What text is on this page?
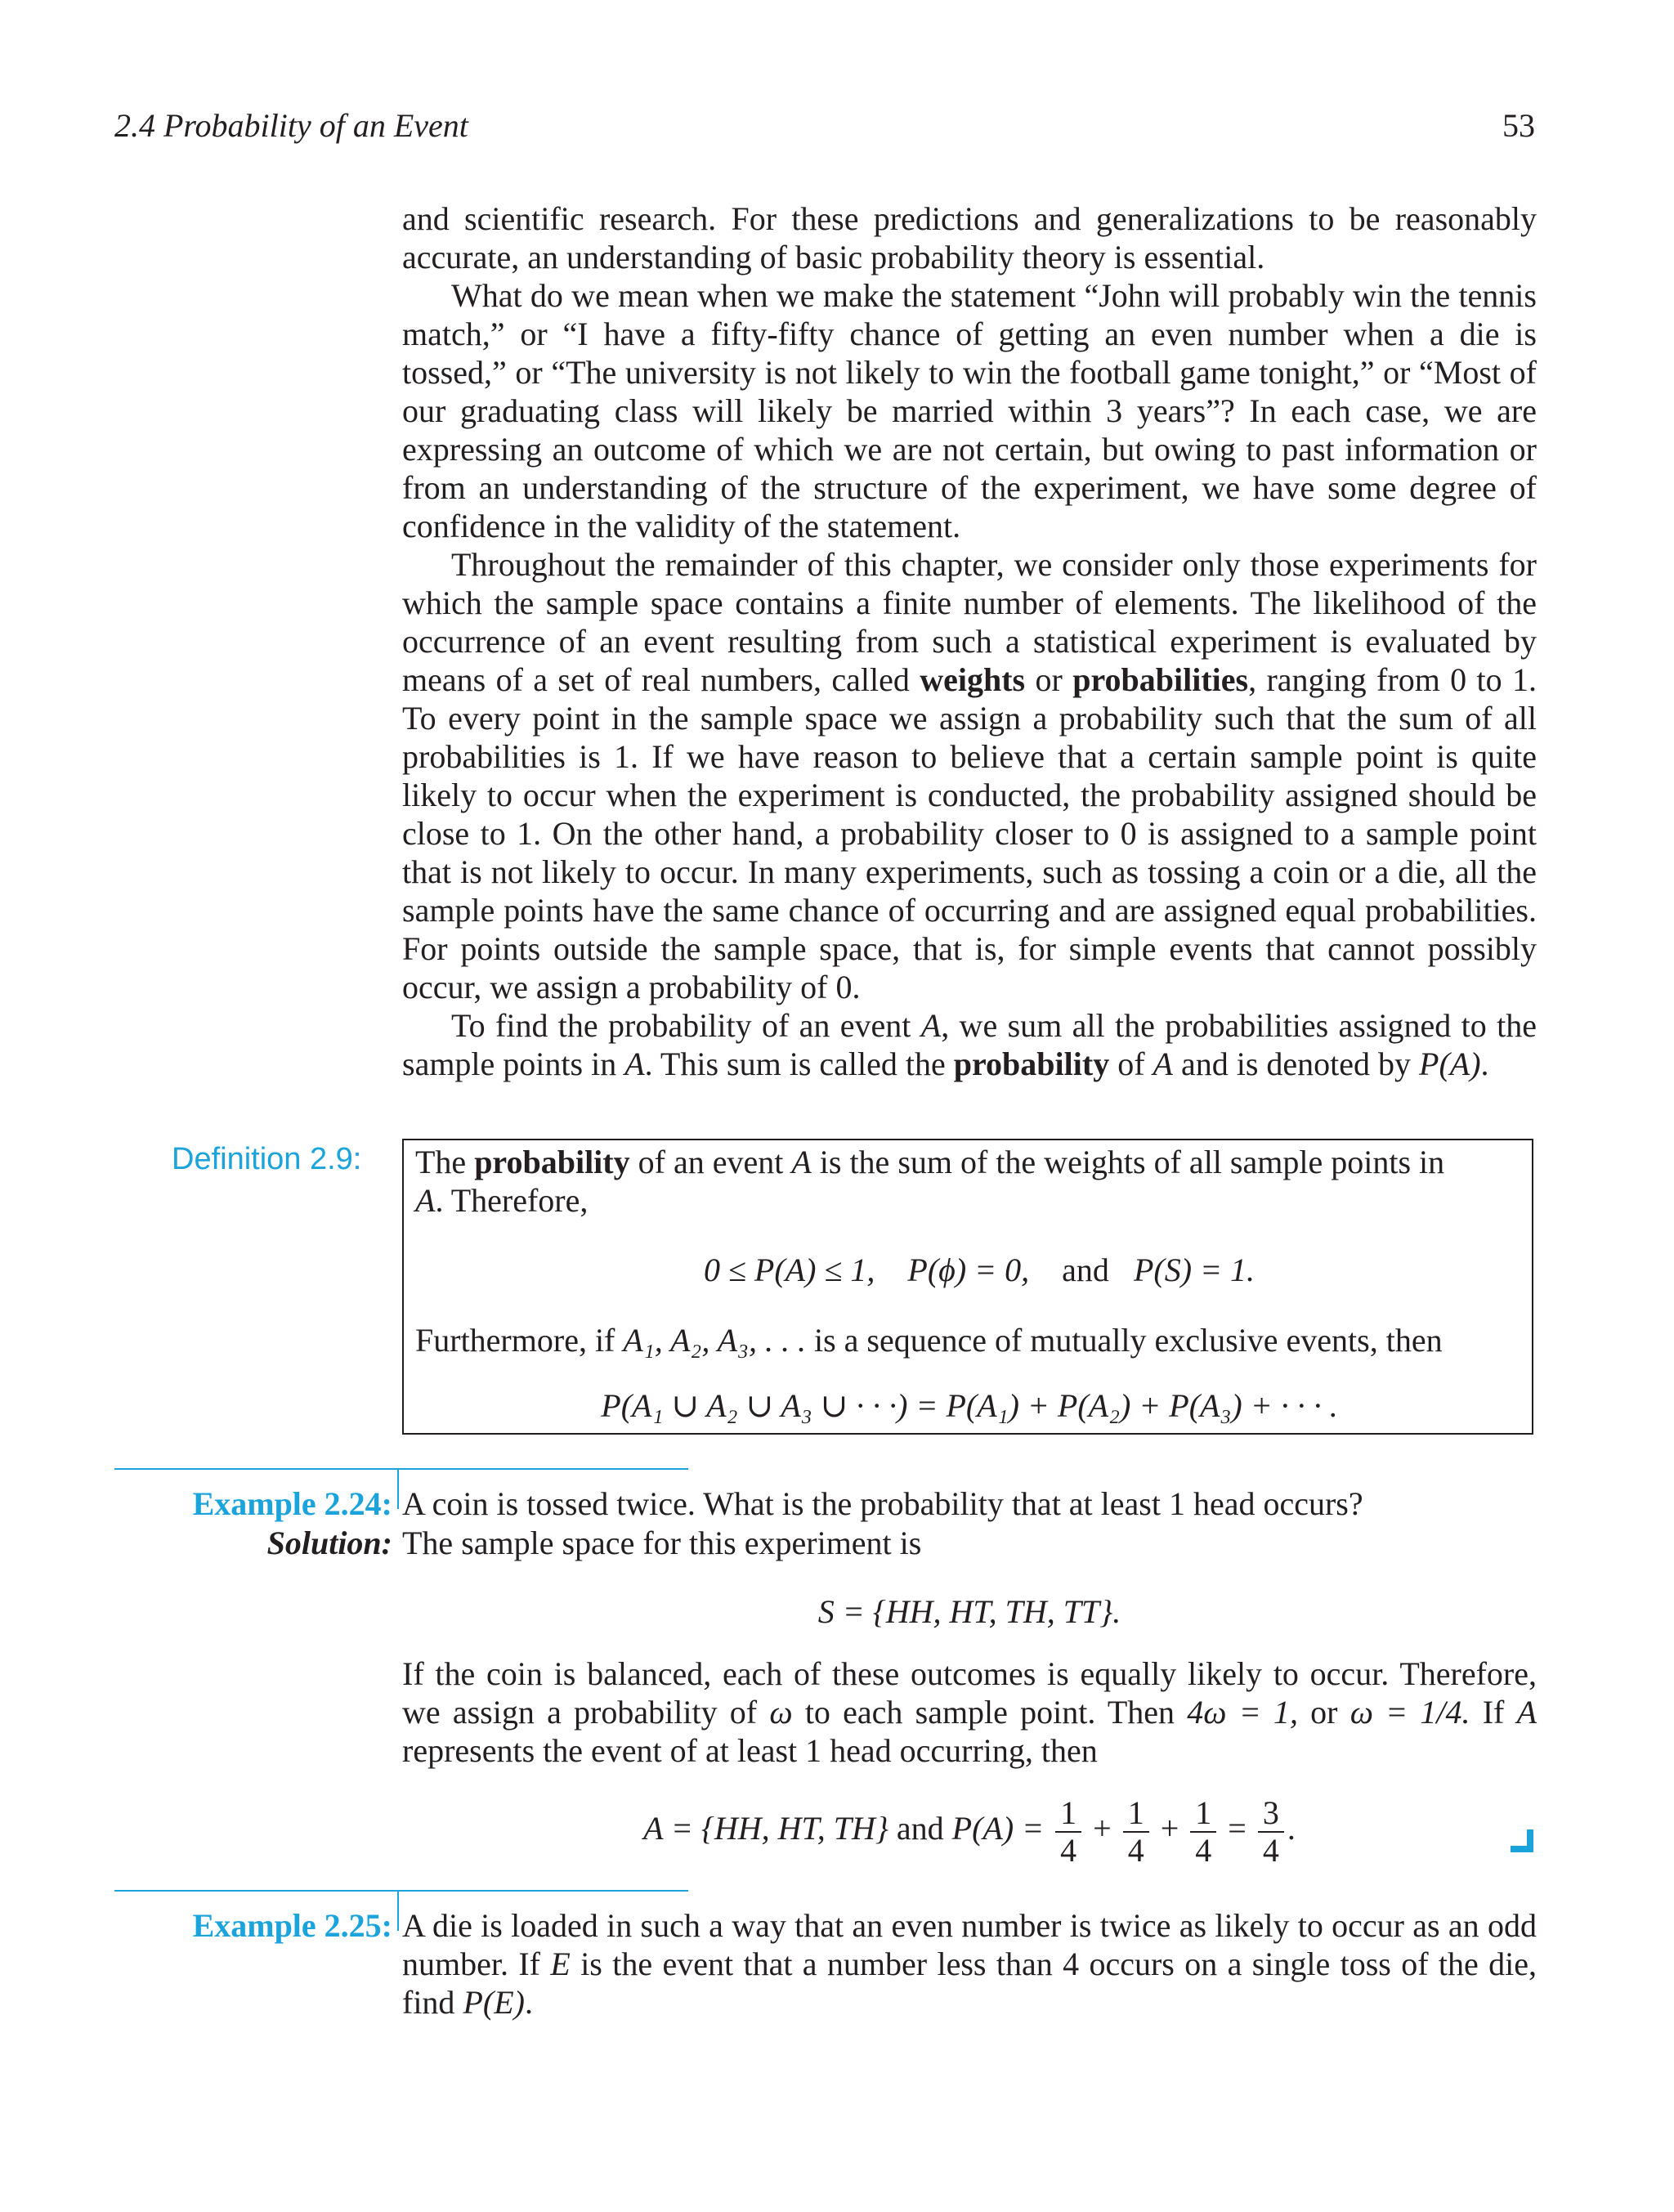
2.4 Probability of an Event	53

and scientific research. For these predictions and generalizations to be reasonably accurate, an understanding of basic probability theory is essential.

What do we mean when we make the statement “John will probably win the tennis match,” or “I have a fifty-fifty chance of getting an even number when a die is tossed,” or “The university is not likely to win the football game tonight,” or “Most of our graduating class will likely be married within 3 years”? In each case, we are expressing an outcome of which we are not certain, but owing to past information or from an understanding of the structure of the experiment, we have some degree of confidence in the validity of the statement.

Throughout the remainder of this chapter, we consider only those experiments for which the sample space contains a finite number of elements. The likelihood of the occurrence of an event resulting from such a statistical experiment is evaluated by means of a set of real numbers, called weights or probabilities, ranging from 0 to 1. To every point in the sample space we assign a probability such that the sum of all probabilities is 1. If we have reason to believe that a certain sample point is quite likely to occur when the experiment is conducted, the probability assigned should be close to 1. On the other hand, a probability closer to 0 is assigned to a sample point that is not likely to occur. In many experiments, such as tossing a coin or a die, all the sample points have the same chance of occurring and are assigned equal probabilities. For points outside the sample space, that is, for simple events that cannot possibly occur, we assign a probability of 0.

To find the probability of an event A, we sum all the probabilities assigned to the sample points in A. This sum is called the probability of A and is denoted by P(A).

Definition 2.9: The probability of an event A is the sum of the weights of all sample points in
A. Therefore,
0 ≤ P(A) ≤ 1, P(ϕ) = 0, and P(S) = 1.
Furthermore, if A₁, A₂, A₃, . . . is a sequence of mutually exclusive events, then
P(A₁ ∪ A₂ ∪ A₃ ∪ · · ·) = P(A₁) + P(A₂) + P(A₃) + · · · .
Example 2.24: A coin is tossed twice. What is the probability that at least 1 head occurs?
Solution: The sample space for this experiment is
S = {HH, HT, TH, TT}.
If the coin is balanced, each of these outcomes is equally likely to occur. Therefore, we assign a probability of ω to each sample point. Then 4ω = 1, or ω = 1/4. If A represents the event of at least 1 head occurring, then
A = {HH, HT, TH} and $P(A) = \frac{1}{4} + \frac{1}{4} + \frac{1}{4} = \frac{3}{4}$ .
Example 2.25: A die is loaded in such a way that an even number is twice as likely to occur as an odd number. If E is the event that a number less than 4 occurs on a single toss of the die, find P(E).
